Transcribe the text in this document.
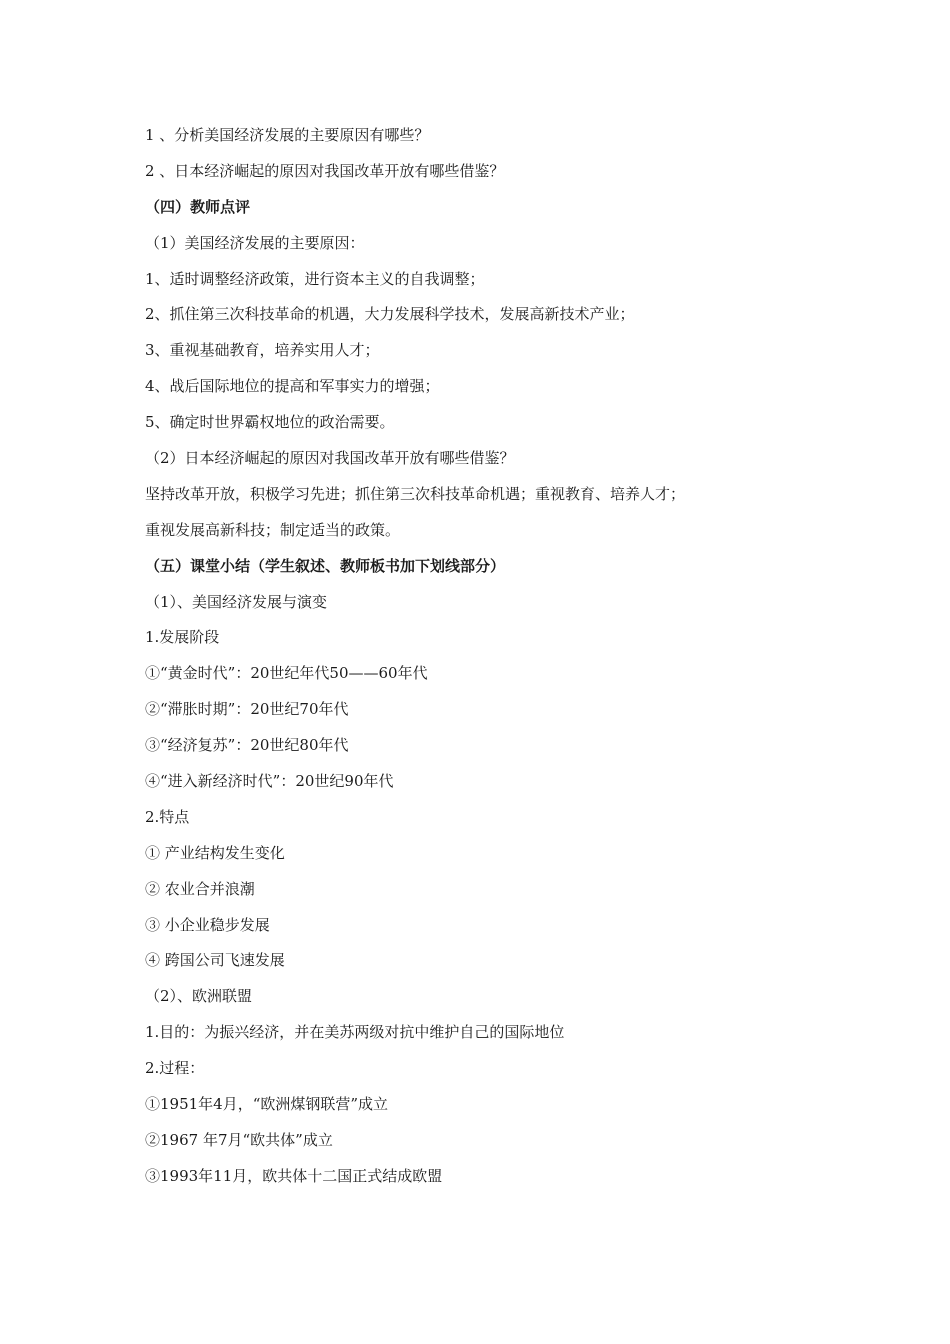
1 、分析美国经济发展的主要原因有哪些？
2 、日本经济崛起的原因对我国改革开放有哪些借鉴？
（四）教师点评
（1）美国经济发展的主要原因：
1、适时调整经济政策，进行资本主义的自我调整；
2、抓住第三次科技革命的机遇，大力发展科学技术，发展高新技术产业；
3、重视基础教育，培养实用人才；
4、战后国际地位的提高和军事实力的增强；
5、确定时世界霸权地位的政治需要。
（2）日本经济崛起的原因对我国改革开放有哪些借鉴？
坚持改革开放，积极学习先进；抓住第三次科技革命机遇；重视教育、培养人才；
重视发展高新科技；制定适当的政策。
（五）课堂小结（学生叙述、教师板书加下划线部分）
（1）、美国经济发展与演变
1.发展阶段
①“黄金时代”：20世纪年代50——60年代
②“滞胀时期”：20世纪70年代
③“经济复苏”：20世纪80年代
④“进入新经济时代”：20世纪90年代
2.特点
① 产业结构发生变化
② 农业合并浪潮
③ 小企业稳步发展
④ 跨国公司飞速发展
（2）、欧洲联盟
1.目的：为振兴经济，并在美苏两级对抗中维护自己的国际地位
2.过程：
①1951年4月，“欧洲煤钢联营”成立
②1967 年7月“欧共体”成立
③1993年11月，欧共体十二国正式结成欧盟
